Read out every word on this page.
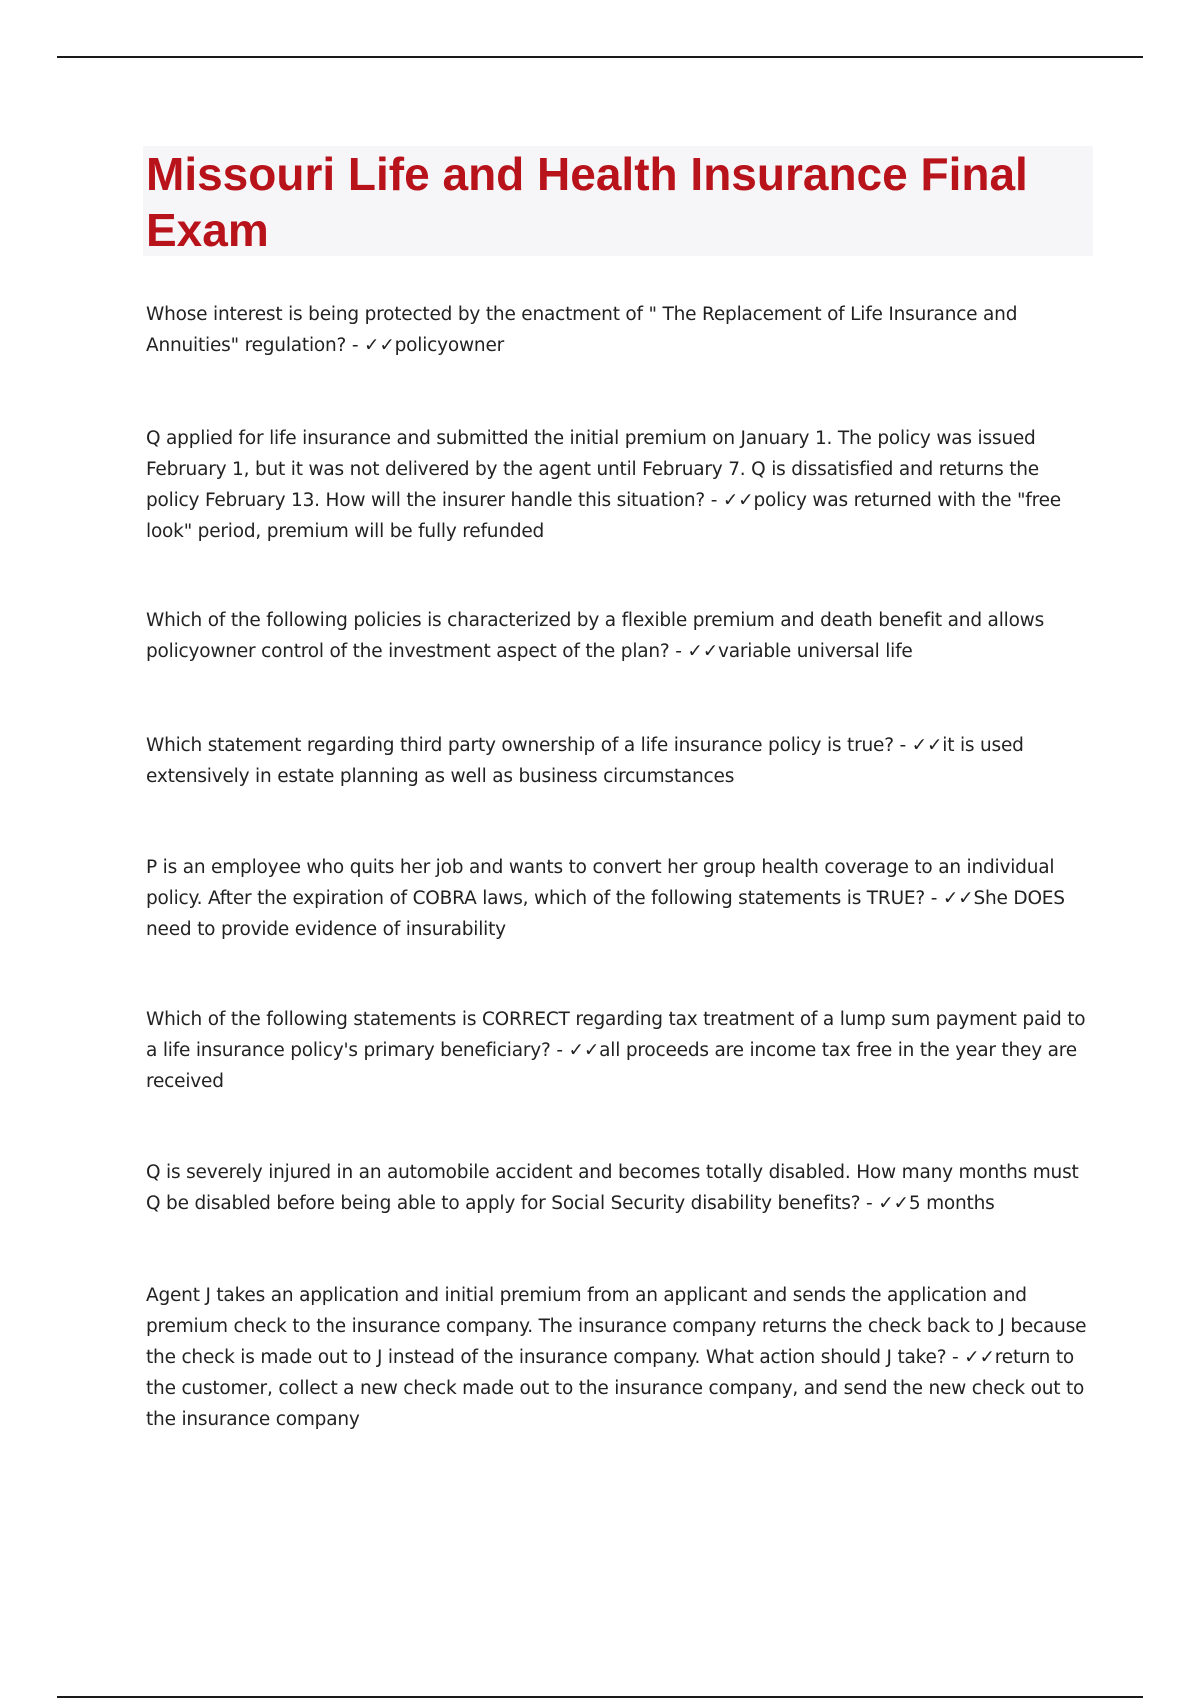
Missouri Life and Health Insurance Final Exam

Whose interest is being protected by the enactment of " The Replacement of Life Insurance and Annuities" regulation? - ✓✓policyowner

Q applied for life insurance and submitted the initial premium on January 1. The policy was issued February 1, but it was not delivered by the agent until February 7. Q is dissatisfied and returns the policy February 13. How will the insurer handle this situation? - ✓✓policy was returned with the "free look" period, premium will be fully refunded

Which of the following policies is characterized by a flexible premium and death benefit and allows policyowner control of the investment aspect of the plan? - ✓✓variable universal life

Which statement regarding third party ownership of a life insurance policy is true? - ✓✓it is used extensively in estate planning as well as business circumstances

P is an employee who quits her job and wants to convert her group health coverage to an individual policy. After the expiration of COBRA laws, which of the following statements is TRUE? - ✓✓She DOES need to provide evidence of insurability

Which of the following statements is CORRECT regarding tax treatment of a lump sum payment paid to a life insurance policy's primary beneficiary? - ✓✓all proceeds are income tax free in the year they are received

Q is severely injured in an automobile accident and becomes totally disabled. How many months must Q be disabled before being able to apply for Social Security disability benefits? - ✓✓5 months

Agent J takes an application and initial premium from an applicant and sends the application and premium check to the insurance company. The insurance company returns the check back to J because the check is made out to J instead of the insurance company. What action should J take? - ✓✓return to the customer, collect a new check made out to the insurance company, and send the new check out to the insurance company
